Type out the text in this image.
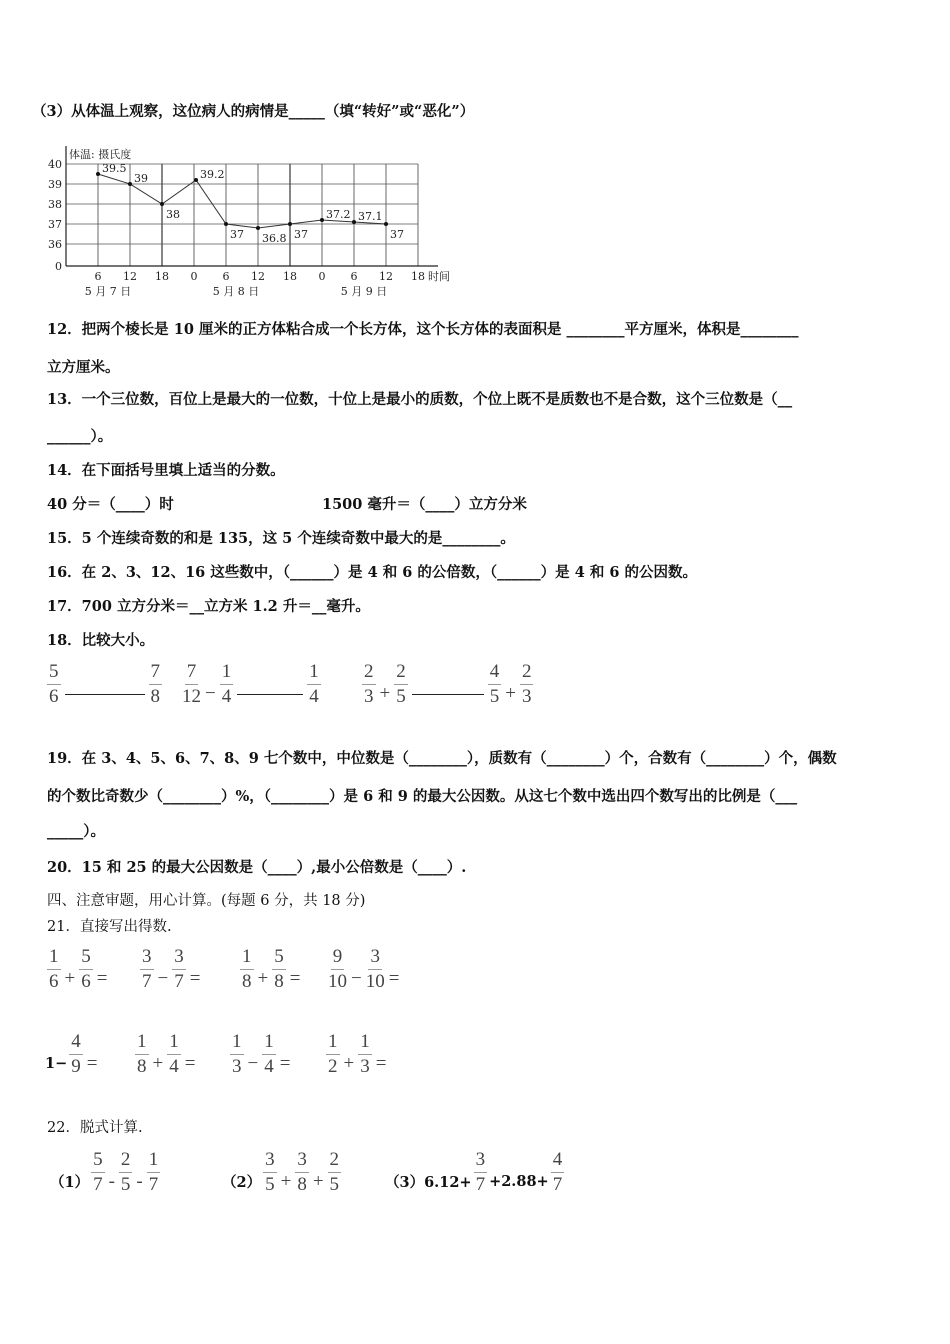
（3）从体温上观察，这位病人的病情是_____（填“转好”或“恶化”）
体温: 摄氏度
0
36
37
38
39
40
6 12 18 0 6 12 18 0 6 12 18 时间
5 月 7 日	5 月 8 日	5 月 9 日
39.5
39
38
39.2
37 36.8 37
37.2 37.1
37
12．把两个棱长是 10 厘米的正方体粘合成一个长方体，这个长方体的表面积是 ________平方厘米，体积是________
立方厘米。
13．一个三位数，百位上是最大的一位数，十位上是最小的质数，个位上既不是质数也不是合数，这个三位数是（__
______）。
14．在下面括号里填上适当的分数。
40 分＝（____）时	1500 毫升＝（____）立方分米
15．5 个连续奇数的和是 135，这 5 个连续奇数中最大的是________。
16．在 2、3、12、16 这些数中，（______）是 4 和 6 的公倍数，（______）是 4 和 6 的公因数。
17．700 立方分米＝__立方米 1.2 升＝__毫升。
18．比较大小。
19．在 3、4、5、6、7、8、9 七个数中，中位数是（________），质数有（________）个，合数有（________）个，偶数
的个数比奇数少（________）%，（________）是 6 和 9 的最大公因数。从这七个数中选出四个数写出的比例是（___
_____）。
20．15 和 25 的最大公因数是（____）,最小公倍数是（____）.
四、注意审题，用心计算。(每题 6 分，共 18 分)
21．直接写出得数.
22．脱式计算.
$\frac{5}{6}$	$\frac{7}{8} \frac{7}{12} - \frac{1}{4}$	$\frac{1}{4} \frac{2}{3} + \frac{2}{5}$	$\frac{4}{5} + \frac{2}{3}$
$\frac{1}{6} + \frac{5}{6} = \frac{3}{7} - \frac{3}{7} = \frac{1}{8} + \frac{5}{8} = \frac{9}{10} - \frac{3}{10}$ =
$1- \frac{4}{9} = \frac{1}{8} + \frac{1}{4} = \frac{1}{3} - \frac{1}{4} = \frac{1}{2} + \frac{1}{3}$ =
$(1) \frac{5}{7} - \frac{2}{5} - \frac{1}{7}$	$(2) \frac{3}{5} + \frac{3}{8} + \frac{2}{5}$	$(3)6.12+ \frac{3}{7} +2.88+ \frac{4}{7}$
